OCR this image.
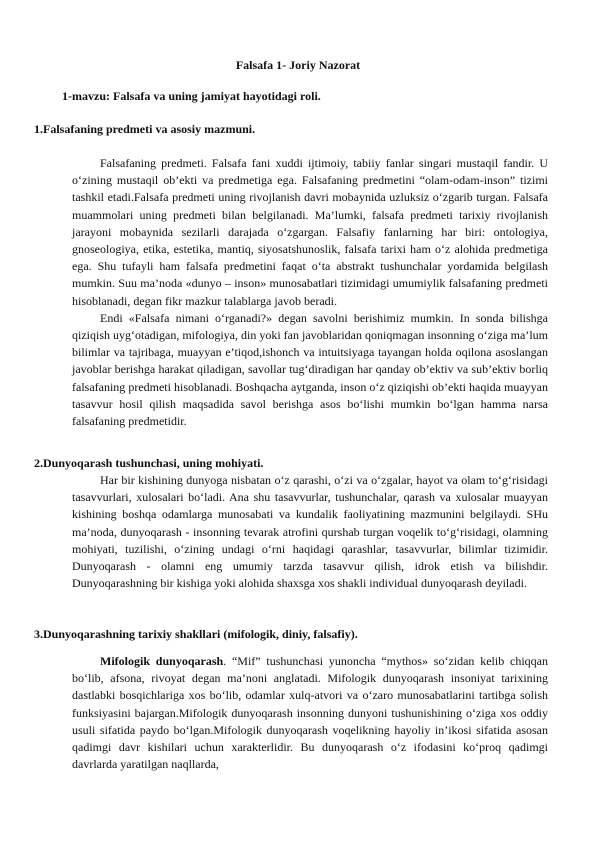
Falsafa 1- Joriy Nazorat
1-mavzu: Falsafa va uning jamiyat hayotidagi roli.
1.Falsafaning predmeti va asosiy mazmuni.

Falsafaning predmeti. Falsafa fani xuddi ijtimoiy, tabiiy fanlar singari mustaqil fandir. U o‘zining mustaqil ob’ekti va predmetiga ega. Falsafaning predmetini “olam-odam-inson” tizimi tashkil etadi.Falsafa predmeti uning rivojlanish davri mobaynida uzluksiz o‘zgarib turgan. Falsafa muammolari uning predmeti bilan belgilanadi. Ma’lumki, falsafa predmeti tarixiy rivojlanish jarayoni mobaynida sezilarli darajada o‘zgargan. Falsafiy fanlarning har biri: ontologiya, gnoseologiya, etika, estetika, mantiq, siyosatshunoslik, falsafa tarixi ham o‘z alohida predmetiga ega. Shu tufayli ham falsafa predmetini faqat o‘ta abstrakt tushunchalar yordamida belgilash mumkin. Suu ma’noda «dunyo – inson» munosabatlari tizimidagi umumiylik falsafaning predmeti hisoblanadi, degan fikr mazkur talablarga javob beradi.

Endi «Falsafa nimani o‘rganadi?» degan savolni berishimiz mumkin. In sonda bilishga qiziqish uyg‘otadigan, mifologiya, din yoki fan javoblaridan qoniqmagan insonning o‘ziga ma’lum bilimlar va tajribaga, muayyan e’tiqod,ishonch va intuitsiyaga tayangan holda oqilona asoslangan javoblar berishga harakat qiladigan, savollar tug‘diradigan har qanday ob’ektiv va sub’ektiv borliq falsafaning predmeti hisoblanadi. Boshqacha aytganda, inson o‘z qiziqishi ob’ekti haqida muayyan tasavvur hosil qilish maqsadida savol berishga asos bo‘lishi mumkin bo‘lgan hamma narsa falsafaning predmetidir.

2.Dunyoqarash tushunchasi, uning mohiyati.

Har bir kishining dunyoga nisbatan o‘z qarashi, o‘zi va o‘zgalar, hayot va olam to‘g‘risidagi tasavvurlari, xulosalari bo‘ladi. Ana shu tasavvurlar, tushunchalar, qarash va xulosalar muayyan kishining boshqa odamlarga munosabati va kundalik faoliyatining mazmunini belgilaydi. SHu ma’noda, dunyoqarash - insonning tevarak atrofini qurshab turgan voqelik to‘g‘risidagi, olamning mohiyati, tuzilishi, o‘zining undagi o‘rni haqidagi qarashlar, tasavvurlar, bilimlar tizimidir. Dunyoqarash - olamni eng umumiy tarzda tasavvur qilish, idrok etish va bilishdir. Dunyoqarashning bir kishiga yoki alohida shaxsga xos shakli individual dunyoqarash deyiladi.

3.Dunyoqarashning tarixiy shakllari (mifologik, diniy, falsafiy).

Mifologik dunyoqarash. “Mif” tushunchasi yunoncha “mythos» so‘zidan kelib chiqqan bo‘lib, afsona, rivoyat degan ma’noni anglatadi. Mifologik dunyoqarash insoniyat tarixining dastlabki bosqichlariga xos bo‘lib, odamlar xulq-atvori va o‘zaro munosabatlarini tartibga solish funksiyasini bajargan.Mifologik dunyoqarash insonning dunyoni tushunishining o‘ziga xos oddiy usuli sifatida paydo bo‘lgan.Mifologik dunyoqarash voqelikning hayoliy in’ikosi sifatida asosan qadimgi davr kishilari uchun xarakterlidir. Bu dunyoqarash o‘z ifodasini ko‘proq qadimgi davrlarda yaratilgan naqllarda,
